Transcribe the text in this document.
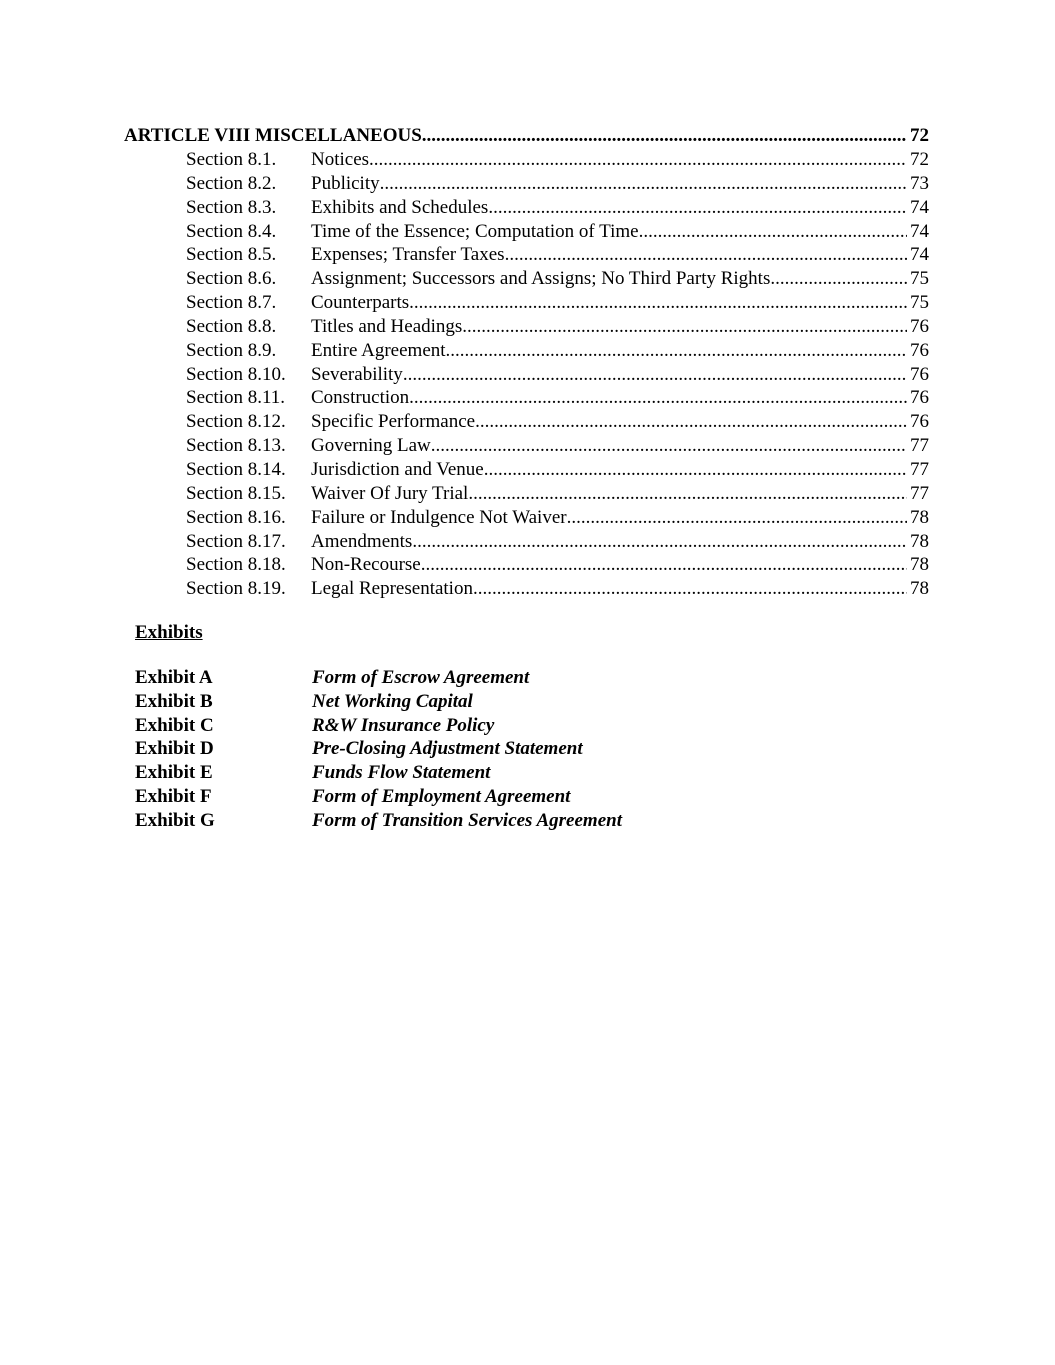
ARTICLE VIII MISCELLANEOUS .....	72
Section 8.1.	Notices .....	72
Section 8.2.	Publicity .....	73
Section 8.3.	Exhibits and Schedules .....	74
Section 8.4.	Time of the Essence; Computation of Time .....	74
Section 8.5.	Expenses; Transfer Taxes .....	74
Section 8.6.	Assignment; Successors and Assigns; No Third Party Rights .....	75
Section 8.7.	Counterparts .....	75
Section 8.8.	Titles and Headings .....	76
Section 8.9.	Entire Agreement .....	76
Section 8.10.	Severability .....	76
Section 8.11.	Construction .....	76
Section 8.12.	Specific Performance .....	76
Section 8.13.	Governing Law .....	77
Section 8.14.	Jurisdiction and Venue .....	77
Section 8.15.	Waiver Of Jury Trial .....	77
Section 8.16.	Failure or Indulgence Not Waiver .....	78
Section 8.17.	Amendments .....	78
Section 8.18.	Non-Recourse .....	78
Section 8.19.	Legal Representation .....	78
Exhibits
Exhibit A	Form of Escrow Agreement
Exhibit B	Net Working Capital
Exhibit C	R&W Insurance Policy
Exhibit D	Pre-Closing Adjustment Statement
Exhibit E	Funds Flow Statement
Exhibit F	Form of Employment Agreement
Exhibit G	Form of Transition Services Agreement
